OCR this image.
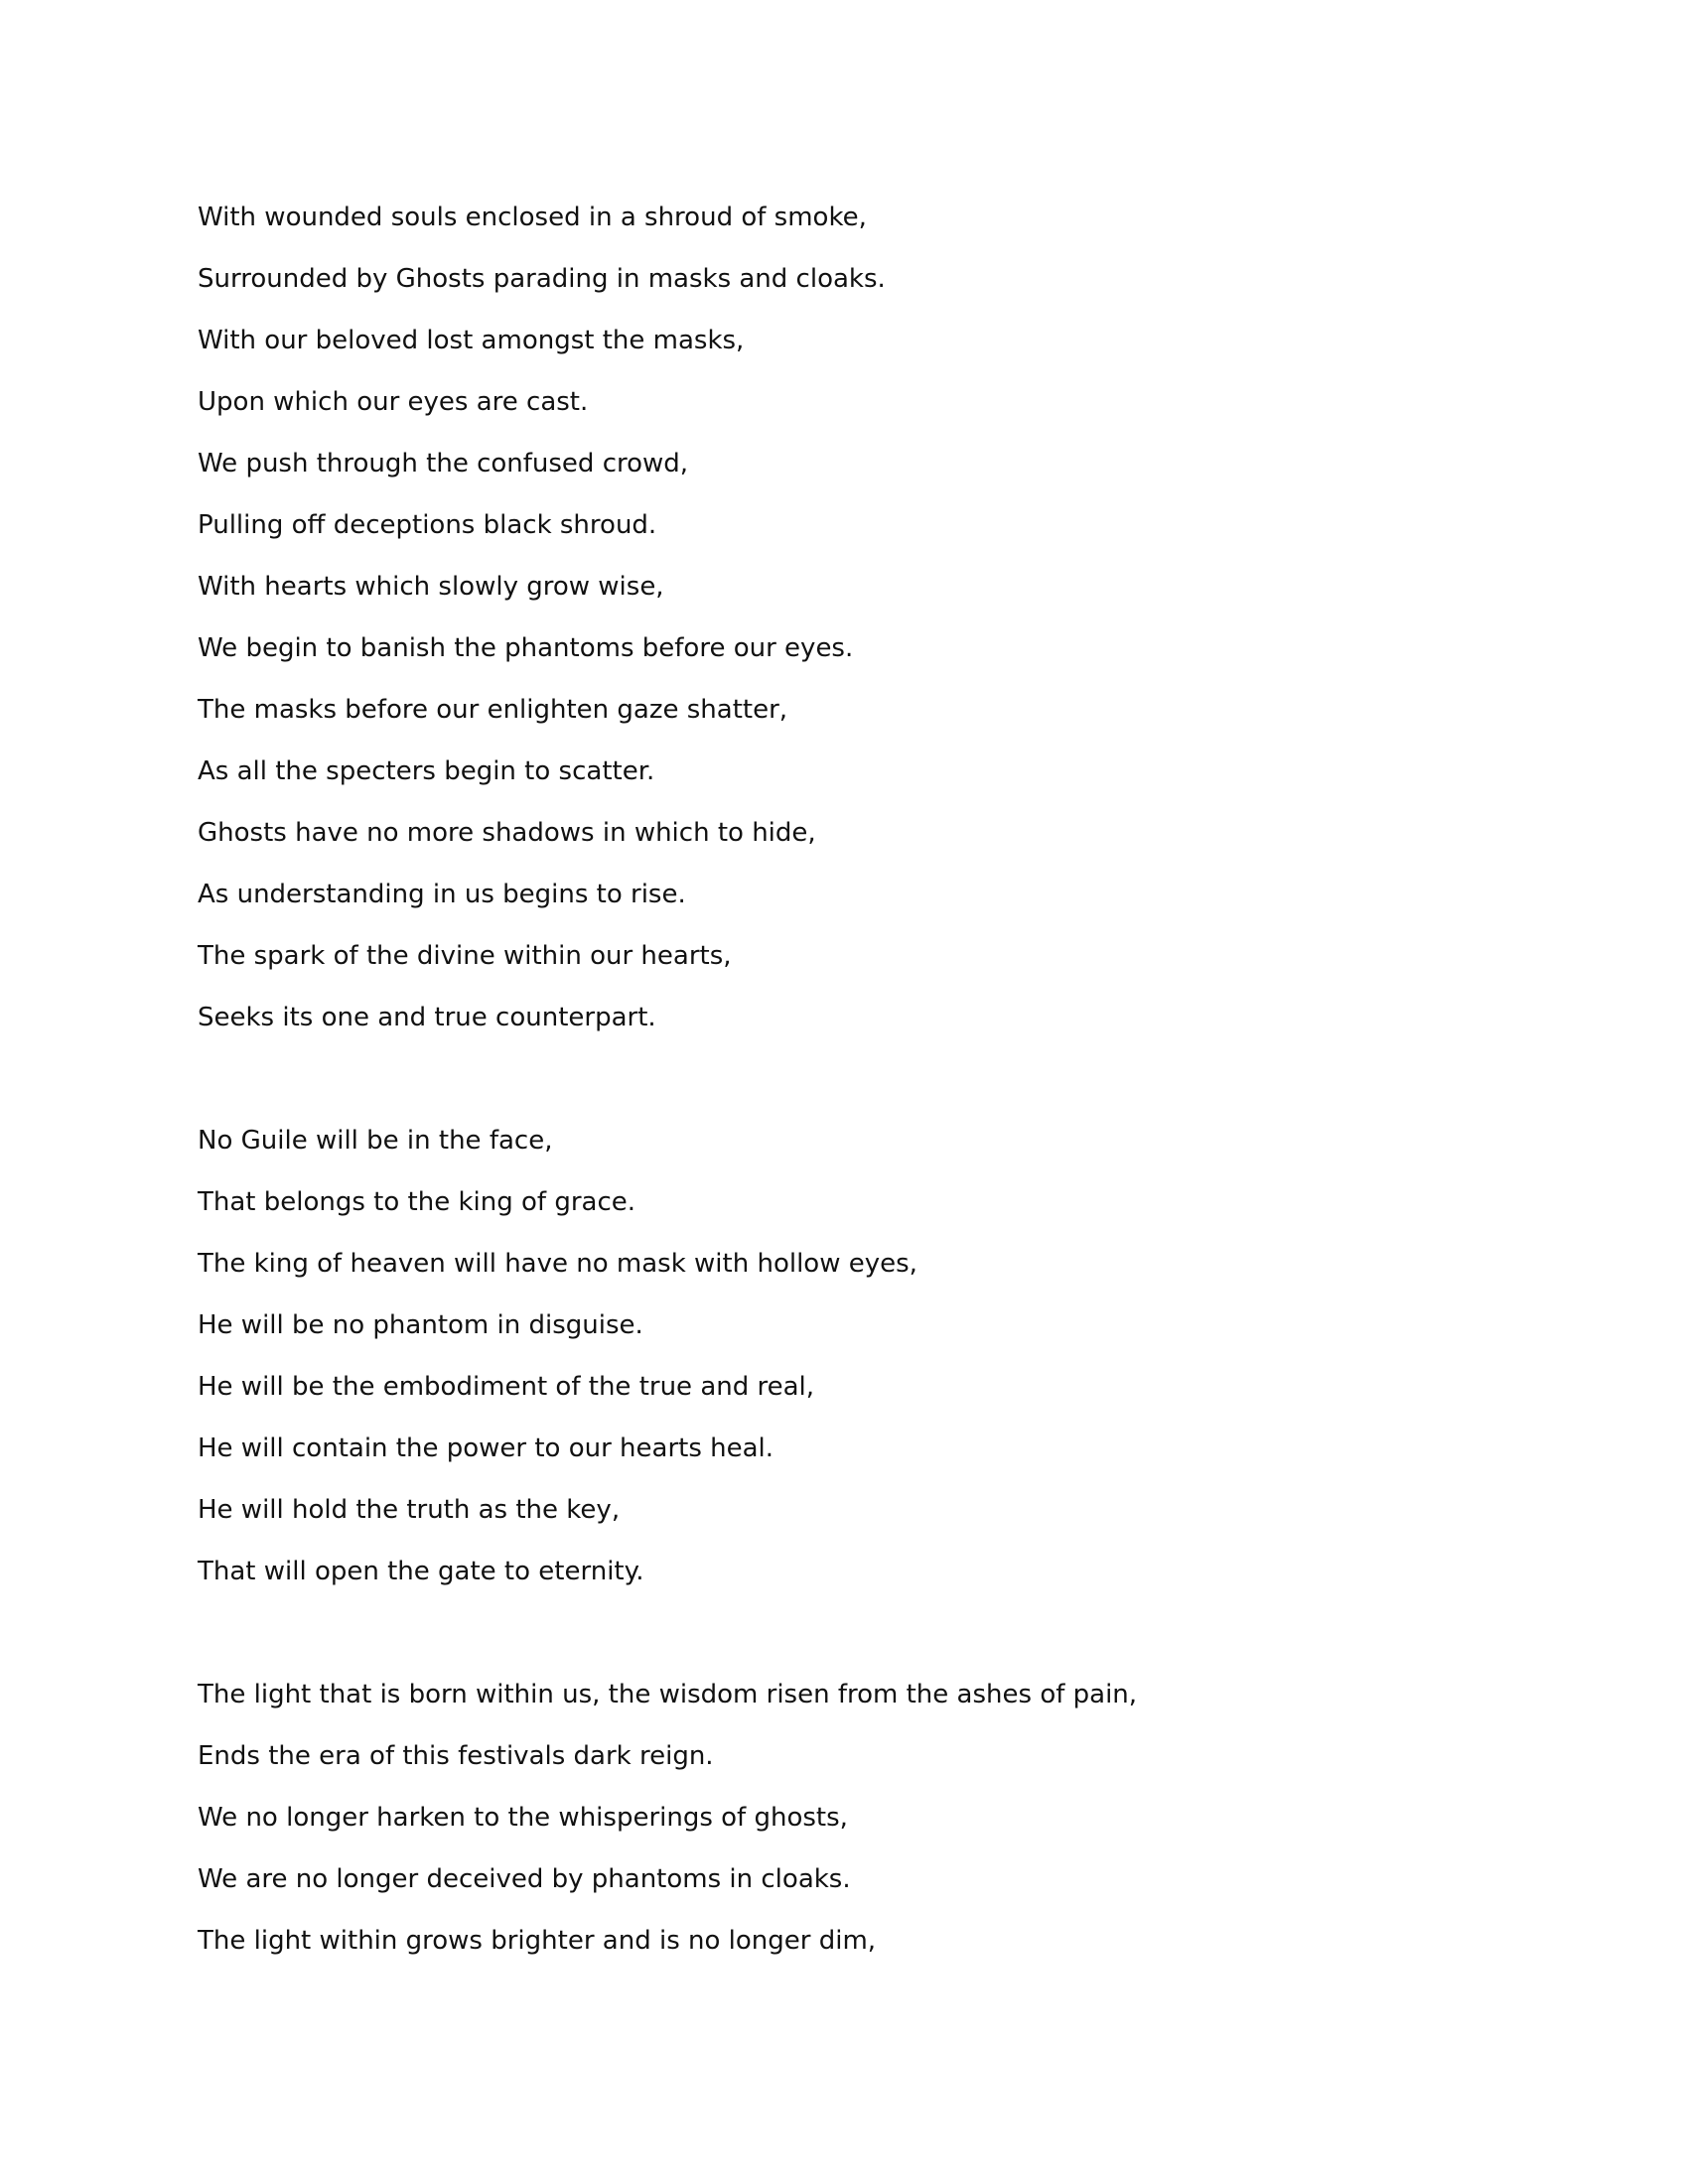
With wounded souls enclosed in a shroud of smoke,
Surrounded by Ghosts parading in masks and cloaks.
With our beloved lost amongst the masks,
Upon which our eyes are cast.
We push through the confused crowd,
Pulling off deceptions black shroud.
With hearts which slowly grow wise,
We begin to banish the phantoms before our eyes.
The masks before our enlighten gaze shatter,
As all the specters begin to scatter.
Ghosts have no more shadows in which to hide,
As understanding in us begins to rise.
The spark of the divine within our hearts,
Seeks its one and true counterpart.
No Guile will be in the face,
That belongs to the king of grace.
The king of heaven will have no mask with hollow eyes,
He will be no phantom in disguise.
He will be the embodiment of the true and real,
He will contain the power to our hearts heal.
He will hold the truth as the key,
That will open the gate to eternity.
The light that is born within us, the wisdom risen from the ashes of pain,
Ends the era of this festivals dark reign.
We no longer harken to the whisperings of ghosts,
We are no longer deceived by phantoms in cloaks.
The light within grows brighter and is no longer dim,
